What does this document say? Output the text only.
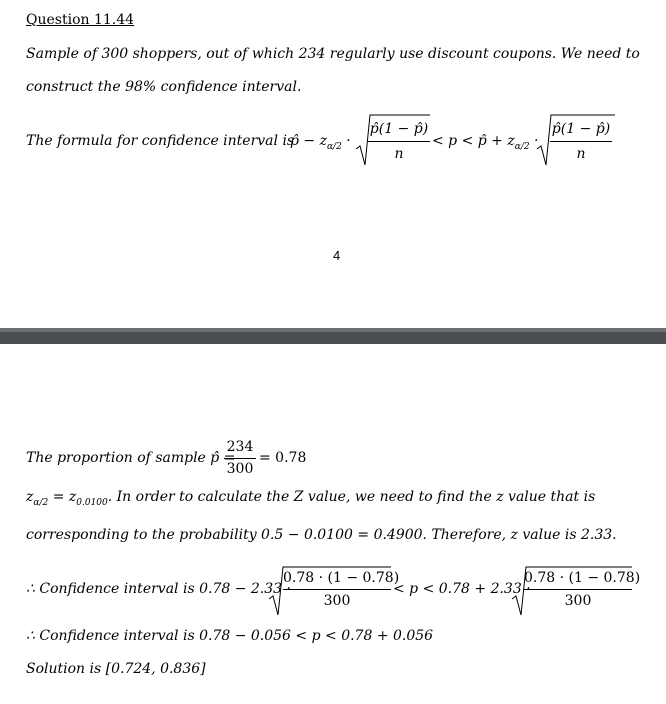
Question 11.44
Sample of 300 shoppers, out of which 234 regularly use discount coupons. We need to
construct the 98% confidence interval.
The formula for confidence interval is
p̂ − $z_{\alpha/2}$ ·
p̂(1 − p̂)
n
< p < p̂ + $z_{\alpha/2}$ ·
p̂(1 − p̂)
n
4
The proportion of sample p̂ =
234
300
= 0.78
$z_{\alpha/2} = z_{0.0100}$. In order to calculate the Z value, we need to find the z value that is
corresponding to the probability 0.5 − 0.0100 = 0.4900. Therefore, z value is 2.33.
∴ Confidence interval is 0.78 − 2.33 ·
0.78 · (1 − 0.78)
300
< p < 0.78 + 2.33 ·
0.78 · (1 − 0.78)
300
∴ Confidence interval is 0.78 − 0.056 < p < 0.78 + 0.056
Solution is [0.724, 0.836]
